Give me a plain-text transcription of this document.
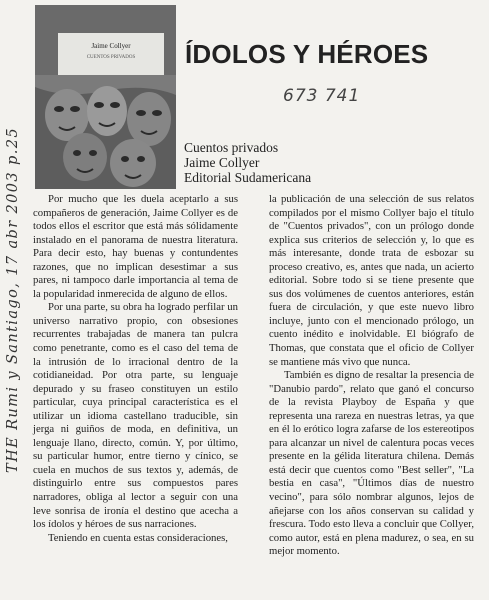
THE Rumi y Santiago, 17 abr 2003 p.25
Jaime Collyer
CUENTOS PRIVADOS	ÍDOLOS Y HÉROES
673 741
Cuentos privados
Jaime Collyer
Editorial Sudamericana

Por mucho que les duela aceptarlo a sus compañeros de generación, Jaime Collyer es de todos ellos el escritor que está más sólidamente instalado en el panorama de nuestra literatura. Para decir esto, hay buenas y contundentes razones, que no implican desestimar a sus pares, ni tampoco darle importancia al tema de la popularidad inmerecida de alguno de ellos.

Por una parte, su obra ha logrado perfilar un universo narrativo propio, con obsesiones recurrentes trabajadas de manera tan pulcra como penetrante, como es el caso del tema de la intrusión de lo irracional dentro de la cotidianeidad. Por otra parte, su lenguaje depurado y su fraseo constituyen un estilo particular, cuya principal característica es el utilizar un idioma castellano traducible, sin jerga ni guiños de moda, en definitiva, un lenguaje llano, directo, común. Y, por último, su particular humor, entre tierno y cínico, se cuela en muchos de sus textos y, además, de distinguirlo entre sus compuestos pares narradores, obliga al lector a seguir con una leve sonrisa de ironía el destino que acecha a los ídolos y héroes de sus narraciones.

Teniendo en cuenta estas consideraciones,

la publicación de una selección de sus relatos compilados por el mismo Collyer bajo el título de "Cuentos privados", con un prólogo donde explica sus criterios de selección y, lo que es más interesante, donde trata de esbozar su proceso creativo, es, antes que nada, un acierto editorial. Sobre todo si se tiene presente que sus dos volúmenes de cuentos anteriores, están fuera de circulación, y que este nuevo libro incluye, junto con el mencionado prólogo, un cuento inédito e inolvidable. El biógrafo de Thomas, que constata que el oficio de Collyer se mantiene más vivo que nunca.

También es digno de resaltar la presencia de "Danubio pardo", relato que ganó el concurso de la revista Playboy de España y que representa una rareza en nuestras letras, ya que en él lo erótico logra zafarse de los estereotipos para alcanzar un nivel de calentura pocas veces presente en la gélida literatura chilena. Demás está decir que cuentos como "Best seller", "La bestia en casa", "Últimos días de nuestro vecino", para sólo nombrar algunos, lejos de añejarse con los años conservan su calidad y frescura. Todo esto lleva a concluir que Collyer, como autor, está en plena madurez, o sea, en su mejor momento.
